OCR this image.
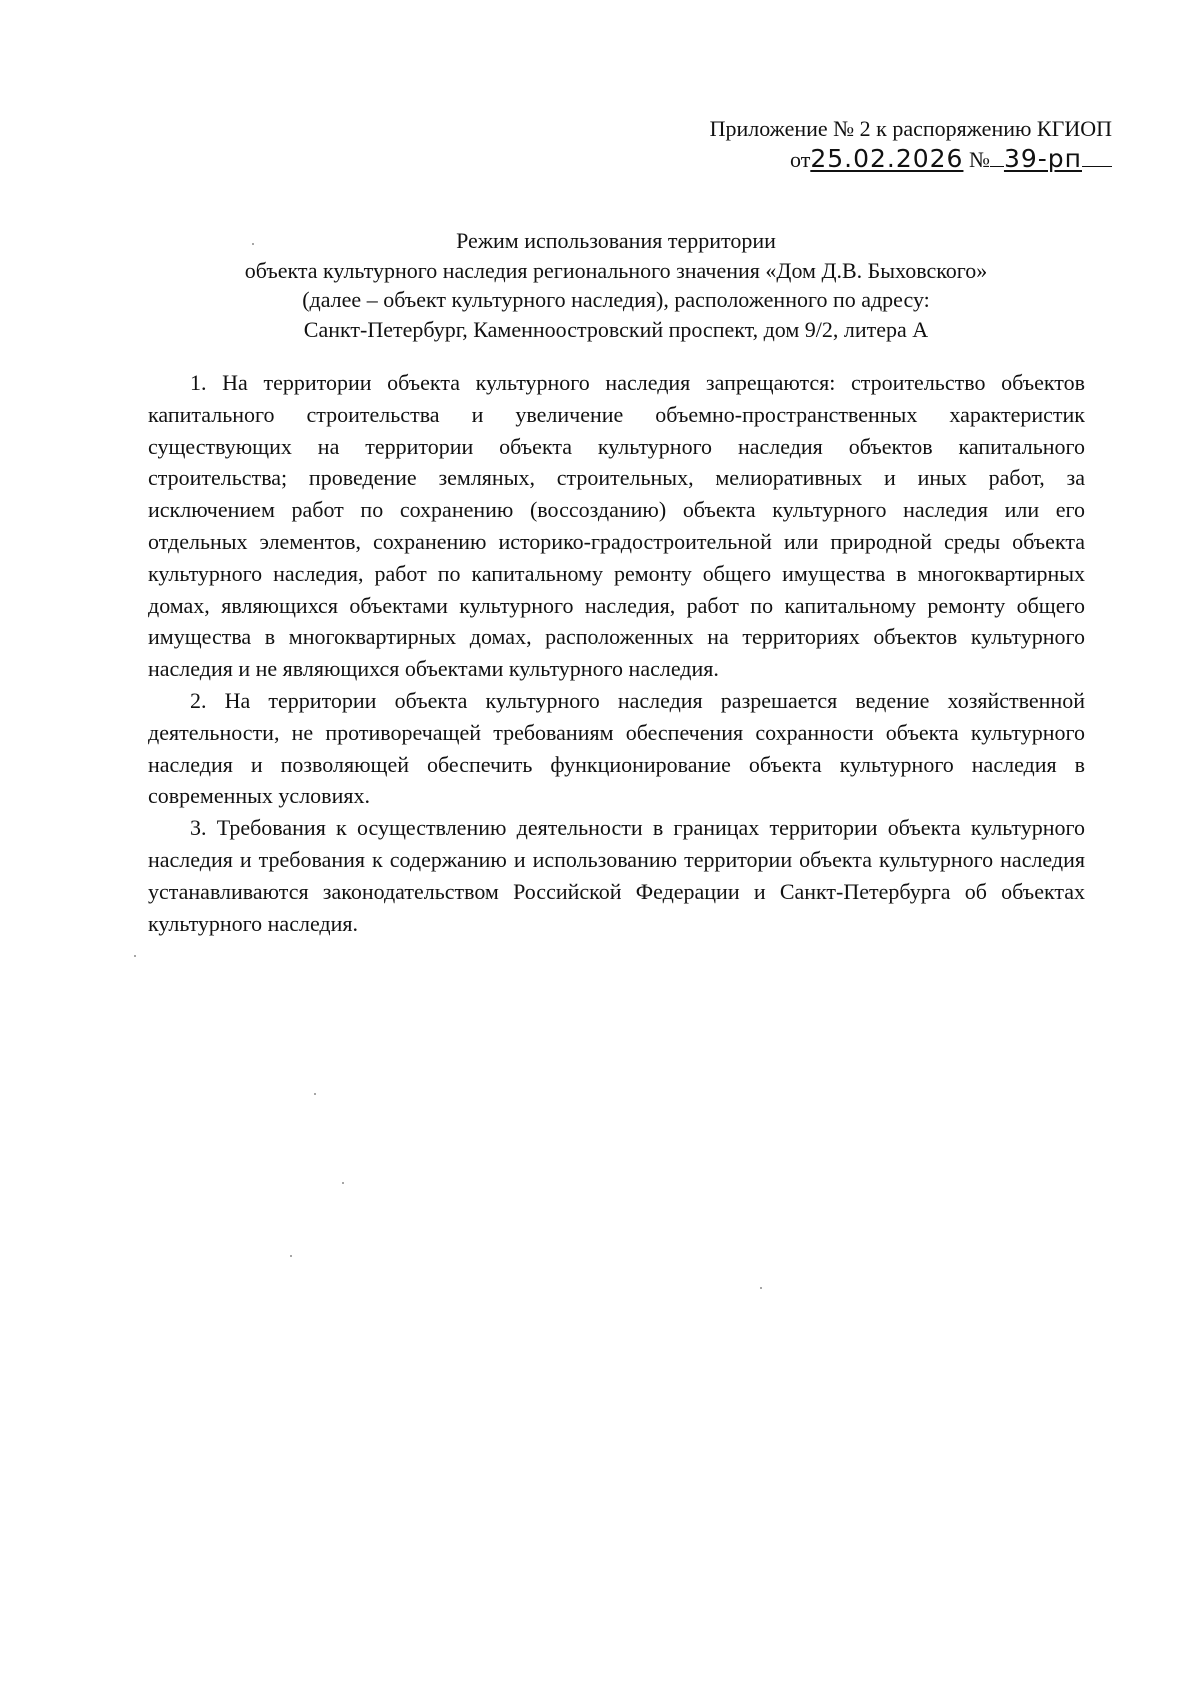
Приложение № 2 к распоряжению КГИОП
от25.02.2026 № 39-рп
Режим использования территории
объекта культурного наследия регионального значения «Дом Д.В. Быховского»
(далее – объект культурного наследия), расположенного по адресу:
Санкт-Петербург, Каменноостровский проспект, дом 9/2, литера А

1. На территории объекта культурного наследия запрещаются: строительство объектов капитального строительства и увеличение объемно-пространственных характеристик существующих на территории объекта культурного наследия объектов капитального строительства; проведение земляных, строительных, мелиоративных и иных работ, за исключением работ по сохранению (воссозданию) объекта культурного наследия или его отдельных элементов, сохранению историко-градостроительной или природной среды объекта культурного наследия, работ по капитальному ремонту общего имущества в многоквартирных домах, являющихся объектами культурного наследия, работ по капитальному ремонту общего имущества в многоквартирных домах, расположенных на территориях объектов культурного наследия и не являющихся объектами культурного наследия.

2. На территории объекта культурного наследия разрешается ведение хозяйственной деятельности, не противоречащей требованиям обеспечения сохранности объекта культурного наследия и позволяющей обеспечить функционирование объекта культурного наследия в современных условиях.

3. Требования к осуществлению деятельности в границах территории объекта культурного наследия и требования к содержанию и использованию территории объекта культурного наследия устанавливаются законодательством Российской Федерации и Санкт-Петербурга об объектах культурного наследия.
